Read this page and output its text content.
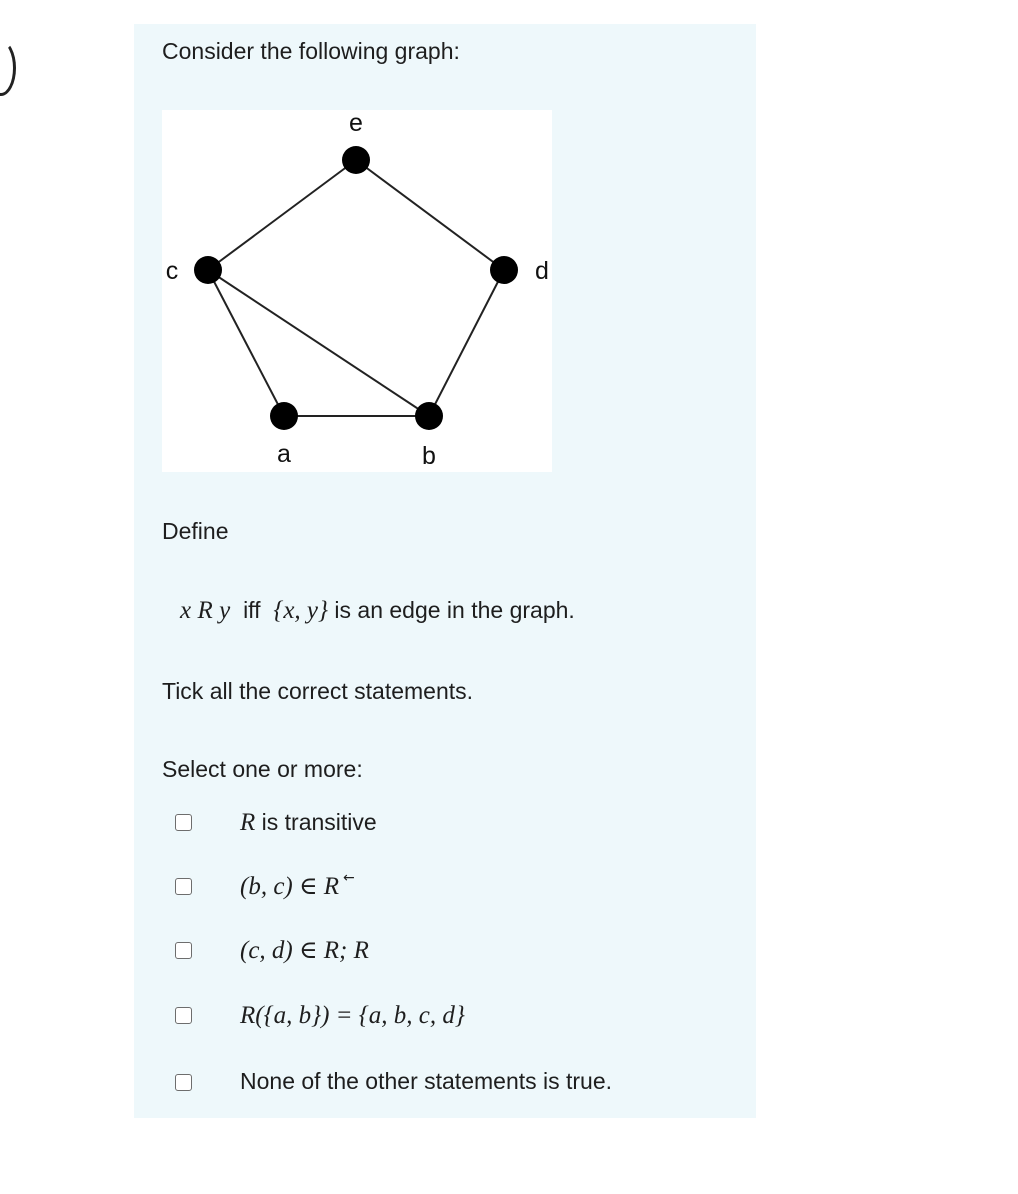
Consider the following graph:
e
c	d
a	b
Define
x R y iff {x, y} is an edge in the graph.
Tick all the correct statements.
Select one or more:
R is transitive
(b, c) ∈ R ←
(c, d) ∈ R; R
R({a, b}) = {a, b, c, d}
None of the other statements is true.
